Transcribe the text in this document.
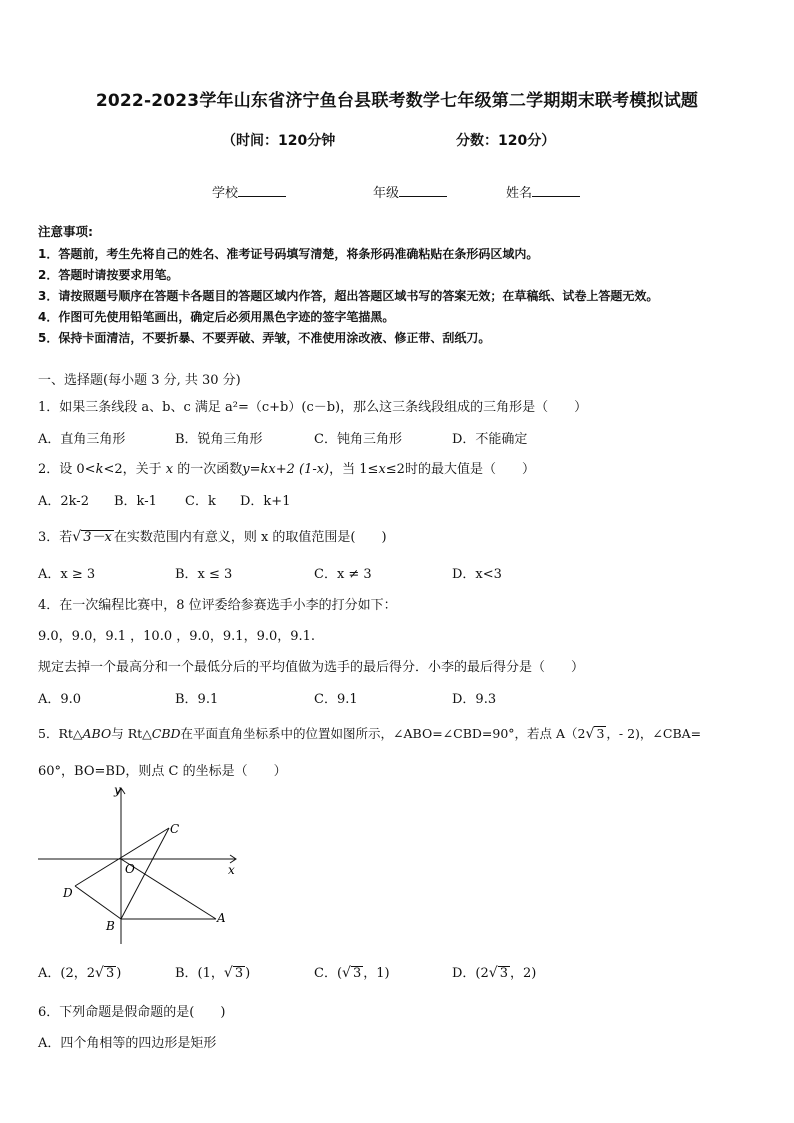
2022-2023学年山东省济宁鱼台县联考数学七年级第二学期期末联考模拟试题
（时间：120分钟	分数：120分）
学校	年级	姓名
注意事项:
1．答题前，考生先将自己的姓名、准考证号码填写清楚，将条形码准确粘贴在条形码区域内。
2．答题时请按要求用笔。
3．请按照题号顺序在答题卡各题目的答题区域内作答，超出答题区域书写的答案无效；在草稿纸、试卷上答题无效。
4．作图可先使用铅笔画出，确定后必须用黑色字迹的签字笔描黑。
5．保持卡面清洁，不要折暴、不要弄破、弄皱，不准使用涂改液、修正带、刮纸刀。
一、选择题(每小题 3 分, 共 30 分)
1．如果三条线段 a、b、c 满足 a²=（c+b）(c－b)，那么这三条线段组成的三角形是（　　）
A．直角三角形	B．锐角三角形	C．钝角三角形	D．不能确定
2．设 0<k<2，关于 x 的一次函数y=kx+2 (1-x)，当 1≤x≤2时的最大值是（　　）
A．2k-2 B．k-1 C．k D．k+1
3．若√ 3－x 在实数范围内有意义，则 x 的取值范围是(　　)
A．x ≥ 3	B．x ≤ 3	C．x ≠ 3	D．x<3
4．在一次编程比赛中，8 位评委给参赛选手小李的打分如下：
9.0，9.0，9.1 ，10.0 ，9.0，9.1，9.0，9.1.
规定去掉一个最高分和一个最低分后的平均值做为选手的最后得分．小李的最后得分是（　　）
A．9.0	B．9.1	C．9.1	D．9.3
5．Rt△ABO与 Rt△CBD在平面直角坐标系中的位置如图所示，∠ABO=∠CBD=90°，若点 A（2√ 3 ，- 2)，∠CBA=
60°，BO=BD，则点 C 的坐标是（　　）
y
x
O
A
B
C
D
A．(2，2√ 3 )	B．(1，√ 3 )	C．(√ 3 ，1)	D．(2√ 3 ，2)
6．下列命题是假命题的是(　　)
A．四个角相等的四边形是矩形
